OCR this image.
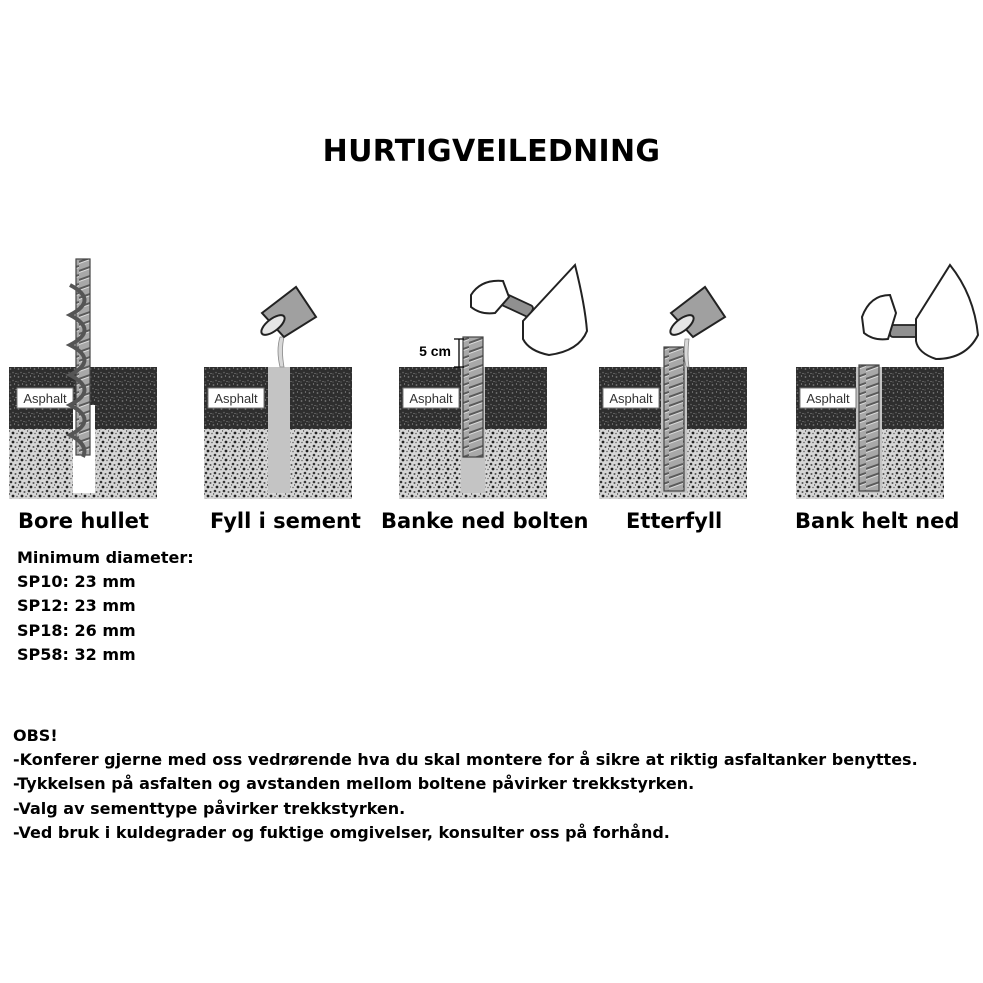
HURTIGVEILEDNING
Asphalt	Asphalt	Asphalt
5 cm
Asphalt	Asphalt
Bore hullet	Fyll i sement Banke ned bolten Etterfyll	Bank helt ned
Minimum diameter:
SP10: 23 mm
SP12: 23 mm
SP18: 26 mm
SP58: 32 mm
OBS!
-Konferer gjerne med oss vedrørende hva du skal montere for å sikre at riktig asfaltanker benyttes.
-Tykkelsen på asfalten og avstanden mellom boltene påvirker trekkstyrken.
-Valg av sementtype påvirker trekkstyrken.
-Ved bruk i kuldegrader og fuktige omgivelser, konsulter oss på forhånd.
